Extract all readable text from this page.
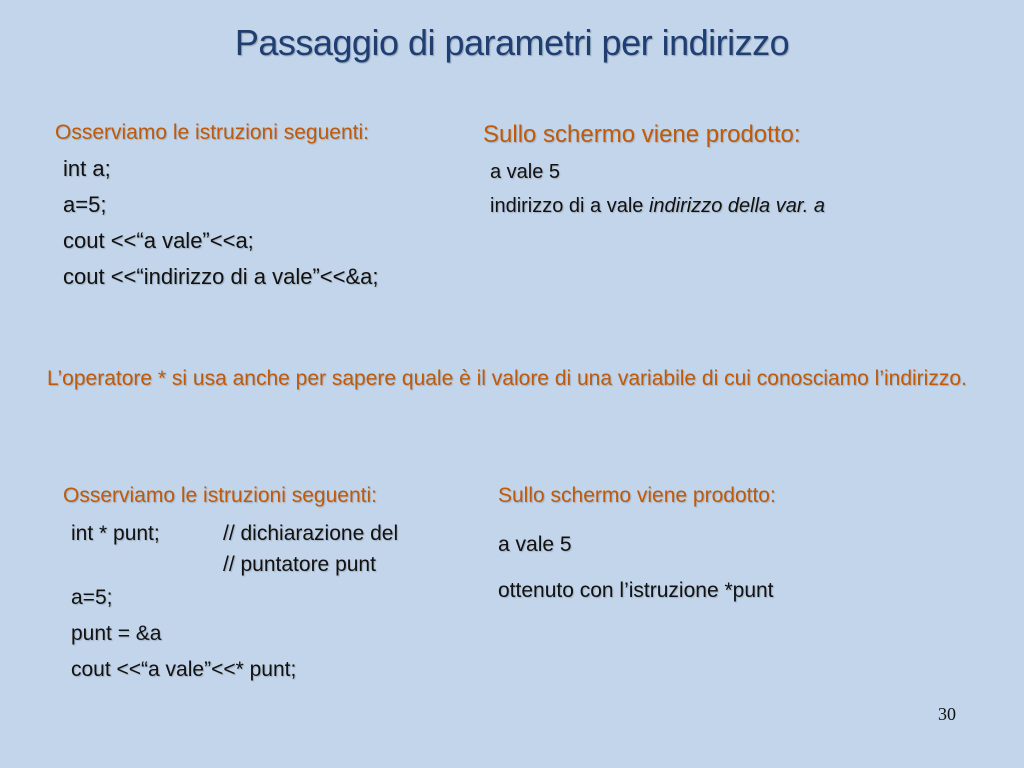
Passaggio di parametri per indirizzo
Osserviamo le istruzioni seguenti:

int a;

a=5;

cout <<“a vale”<<a;

cout <<“indirizzo di a vale”<<&a;

Sullo schermo viene prodotto:

a vale 5

indirizzo di a vale indirizzo della var. a

L’operatore * si usa anche per sapere quale è il valore di una variabile di cui conosciamo l’indirizzo.
Osserviamo le istruzioni seguenti:
int * punt;	// dichiarazione del
// puntatore punt

a=5;

punt = &a

cout <<“a vale”<<* punt;

Sullo schermo viene prodotto:

a vale 5

ottenuto con l’istruzione *punt

30
